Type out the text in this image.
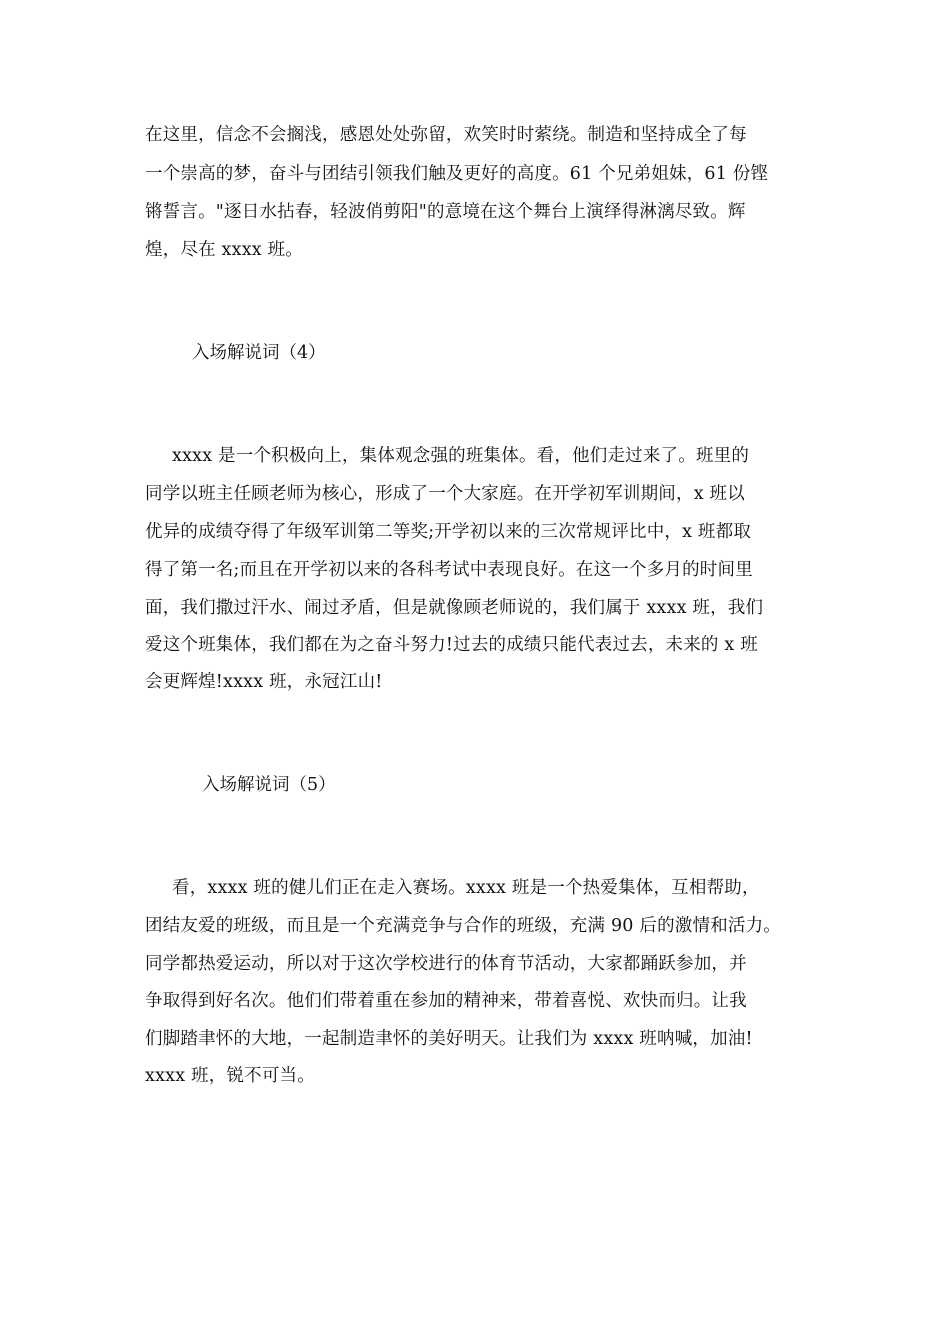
在这里，信念不会搁浅，感恩处处弥留，欢笑时时萦绕。制造和坚持成全了每
一个崇高的梦，奋斗与团结引领我们触及更好的高度。61 个兄弟姐妹，61 份铿
锵誓言。"逐日水拈春，轻波俏剪阳"的意境在这个舞台上演绎得淋漓尽致。辉
煌，尽在 xxxx 班。
入场解说词（4）
xxxx 是一个积极向上，集体观念强的班集体。看，他们走过来了。班里的
同学以班主任顾老师为核心，形成了一个大家庭。在开学初军训期间，x 班以
优异的成绩夺得了年级军训第二等奖;开学初以来的三次常规评比中，x 班都取
得了第一名;而且在开学初以来的各科考试中表现良好。在这一个多月的时间里
面，我们撒过汗水、闹过矛盾，但是就像顾老师说的，我们属于 xxxx 班，我们
爱这个班集体，我们都在为之奋斗努力!过去的成绩只能代表过去，未来的 x 班
会更辉煌!xxxx 班，永冠江山!
入场解说词（5）
看，xxxx 班的健儿们正在走入赛场。xxxx 班是一个热爱集体，互相帮助，
团结友爱的班级，而且是一个充满竞争与合作的班级，充满 90 后的激情和活力。
同学都热爱运动，所以对于这次学校进行的体育节活动，大家都踊跃参加，并
争取得到好名次。他们们带着重在参加的精神来，带着喜悦、欢快而归。让我
们脚踏聿怀的大地，一起制造聿怀的美好明天。让我们为 xxxx 班呐喊，加油!
xxxx 班，锐不可当。
